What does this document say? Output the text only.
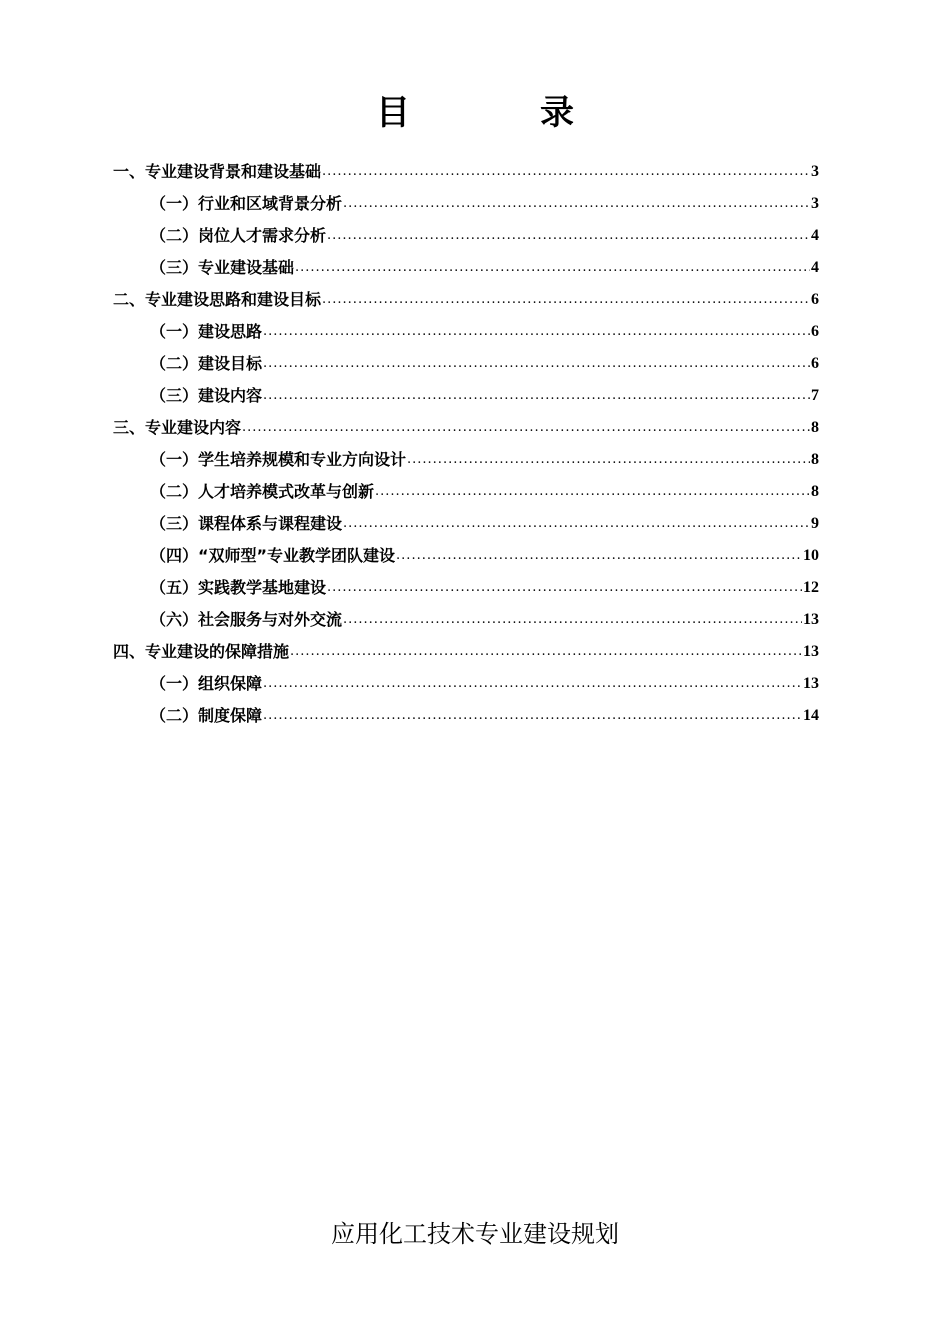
目　录
一、专业建设背景和建设基础 .....	3
（一）行业和区域背景分析 .....	3
（二）岗位人才需求分析 .....	4
（三）专业建设基础 .....	4
二、专业建设思路和建设目标 .....	6
（一）建设思路 .....	6
（二）建设目标 .....	6
（三）建设内容 .....	7
三、专业建设内容 .....	8
（一）学生培养规模和专业方向设计 .....	8
（二）人才培养模式改革与创新 .....	8
（三）课程体系与课程建设 .....	9
（四）“双师型”专业教学团队建设 .....	10
（五）实践教学基地建设 .....	12
（六）社会服务与对外交流 .....	13
四、专业建设的保障措施 .....	13
（一）组织保障 .....	13
（二）制度保障 .....	14
应用化工技术专业建设规划
